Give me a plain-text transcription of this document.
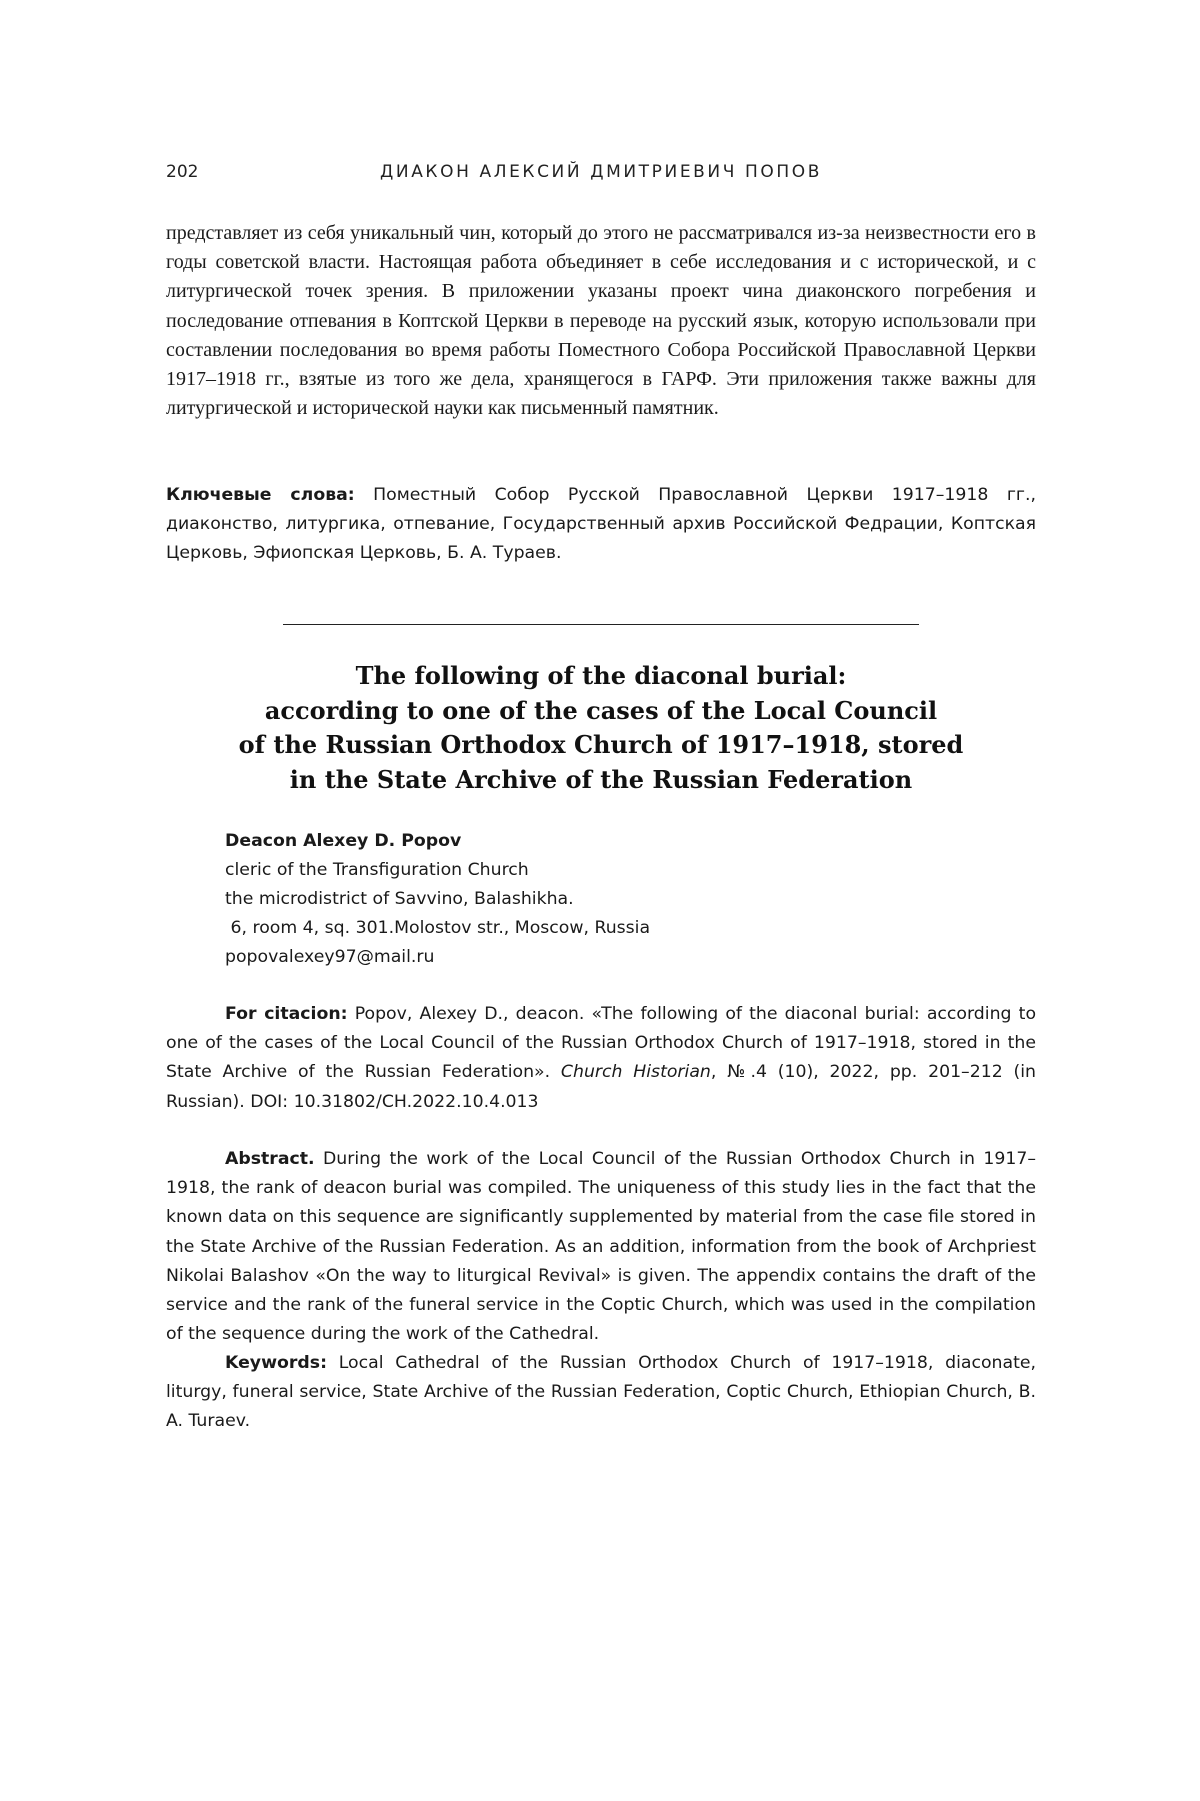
202	ДИАКОН АЛЕКСИЙ ДМИТРИЕВИЧ ПОПОВ

представляет из себя уникальный чин, который до этого не рассматривался из-за неизвестности его в годы советской власти. Настоящая работа объединяет в себе исследования и с исторической, и с литургической точек зрения. В приложении указаны проект чина диаконского погребения и последование отпевания в Коптской Церкви в переводе на русский язык, которую использовали при составлении последования во время работы Поместного Собора Российской Православной Церкви 1917–1918 гг., взятые из того же дела, хранящегося в ГАРФ. Эти приложения также важны для литургической и исторической науки как письменный памятник.

Ключевые слова: Поместный Собор Русской Православной Церкви 1917–1918 гг., диаконство, литургика, отпевание, Государственный архив Российской Федрации, Коптская Церковь, Эфиопская Церковь, Б. А. Тураев.

The following of the diaconal burial:
according to one of the cases of the Local Council
of the Russian Orthodox Church of 1917–1918, stored
in the State Archive of the Russian Federation
Deacon Alexey D. Popov
cleric of the Transfiguration Church
the microdistrict of Savvino, Balashikha.
6, room 4, sq. 301.Molostov str., Moscow, Russia
popovalexey97@mail.ru

For citacion: Popov, Alexey D., deacon. «The following of the diaconal burial: according to one of the cases of the Local Council of the Russian Orthodox Church of 1917–1918, stored in the State Archive of the Russian Federation». Church Historian, №.4 (10), 2022, pp. 201–212 (in Russian). DOI: 10.31802/CH.2022.10.4.013

Abstract. During the work of the Local Council of the Russian Orthodox Church in 1917–1918, the rank of deacon burial was compiled. The uniqueness of this study lies in the fact that the known data on this sequence are significantly supplemented by material from the case file stored in the State Archive of the Russian Federation. As an addition, information from the book of Archpriest Nikolai Balashov «On the way to liturgical Revival» is given. The appendix contains the draft of the service and the rank of the funeral service in the Coptic Church, which was used in the compilation of the sequence during the work of the Cathedral.

Keywords: Local Cathedral of the Russian Orthodox Church of 1917–1918, diaconate, liturgy, funeral service, State Archive of the Russian Federation, Coptic Church, Ethiopian Church, B. A. Turaev.
